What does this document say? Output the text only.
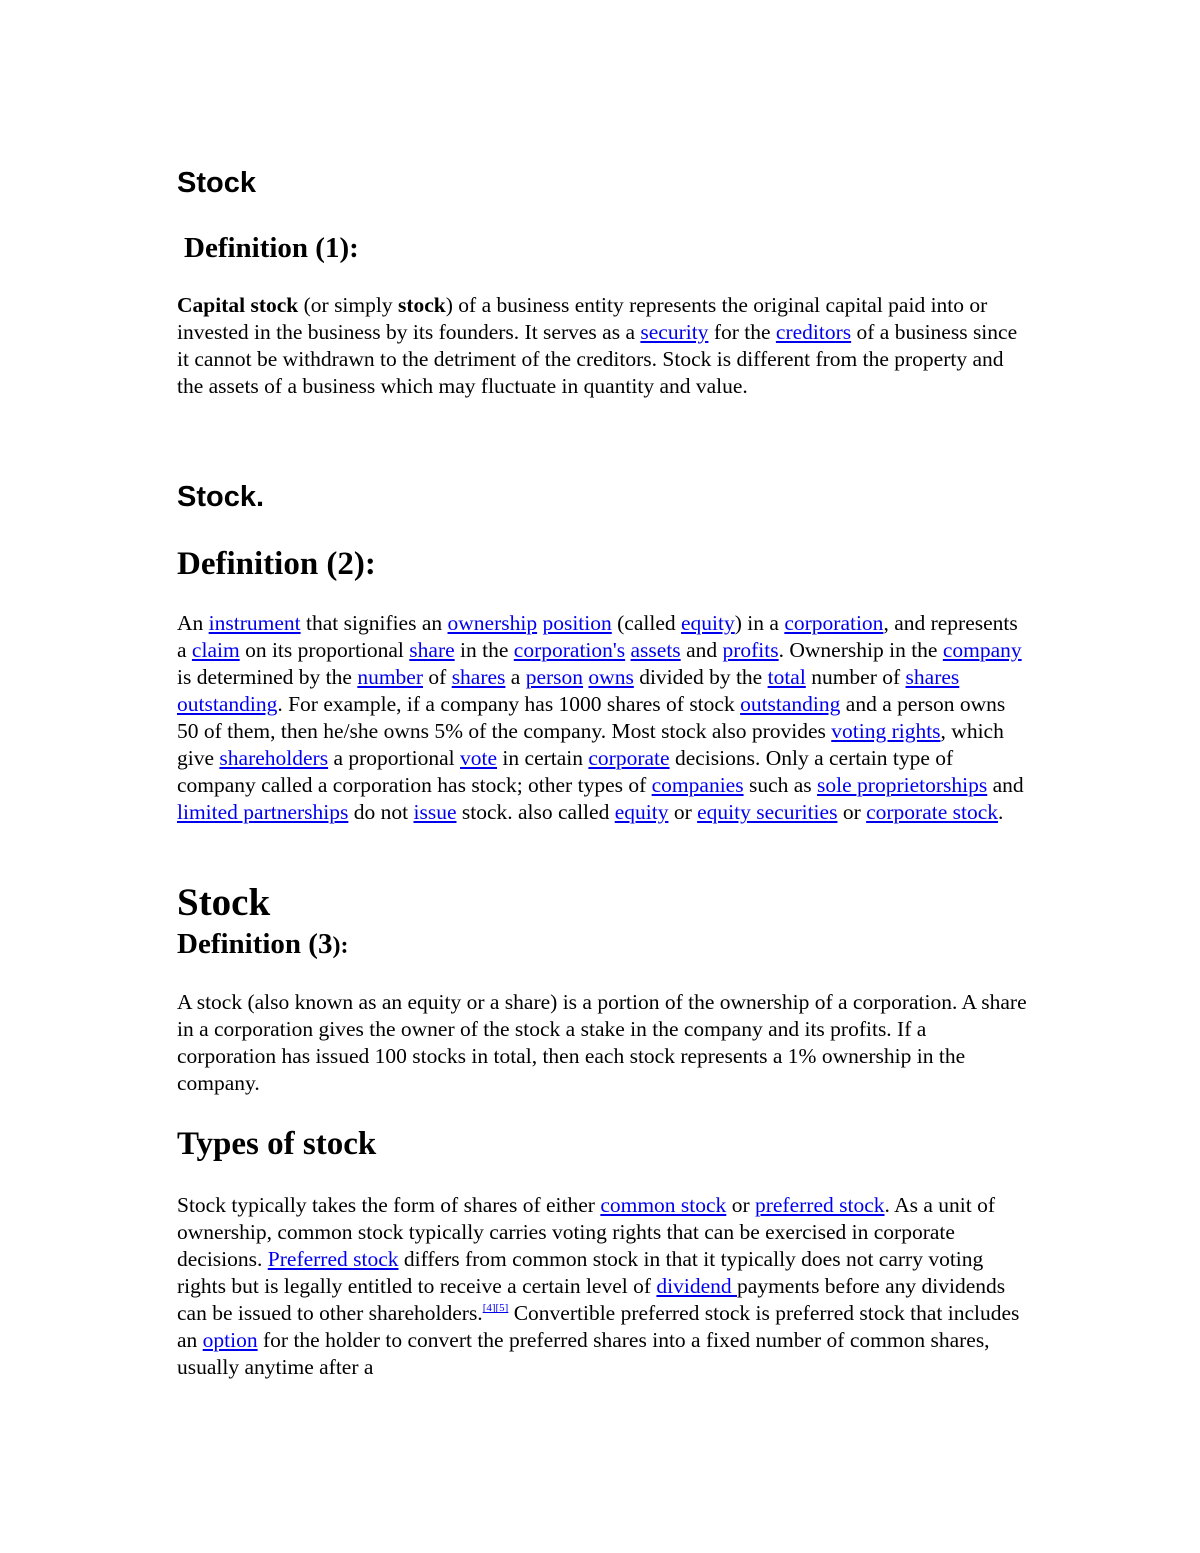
Stock
Definition (1):

Capital stock (or simply stock) of a business entity represents the original capital paid into or invested in the business by its founders. It serves as a security for the creditors of a business since it cannot be withdrawn to the detriment of the creditors. Stock is different from the property and the assets of a business which may fluctuate in quantity and value.

Stock.
Definition (2):

An instrument that signifies an ownership position (called equity) in a corporation, and represents a claim on its proportional share in the corporation's assets and profits. Ownership in the company is determined by the number of shares a person owns divided by the total number of shares outstanding. For example, if a company has 1000 shares of stock outstanding and a person owns 50 of them, then he/she owns 5% of the company. Most stock also provides voting rights, which give shareholders a proportional vote in certain corporate decisions. Only a certain type of company called a corporation has stock; other types of companies such as sole proprietorships and limited partnerships do not issue stock. also called equity or equity securities or corporate stock.

Stock
Definition (3):

A stock (also known as an equity or a share) is a portion of the ownership of a corporation. A share in a corporation gives the owner of the stock a stake in the company and its profits. If a corporation has issued 100 stocks in total, then each stock represents a 1% ownership in the company.

Types of stock

Stock typically takes the form of shares of either common stock or preferred stock. As a unit of ownership, common stock typically carries voting rights that can be exercised in corporate decisions. Preferred stock differs from common stock in that it typically does not carry voting rights but is legally entitled to receive a certain level of dividend payments before any dividends can be issued to other shareholders.[4][5] Convertible preferred stock is preferred stock that includes an option for the holder to convert the preferred shares into a fixed number of common shares, usually anytime after a
